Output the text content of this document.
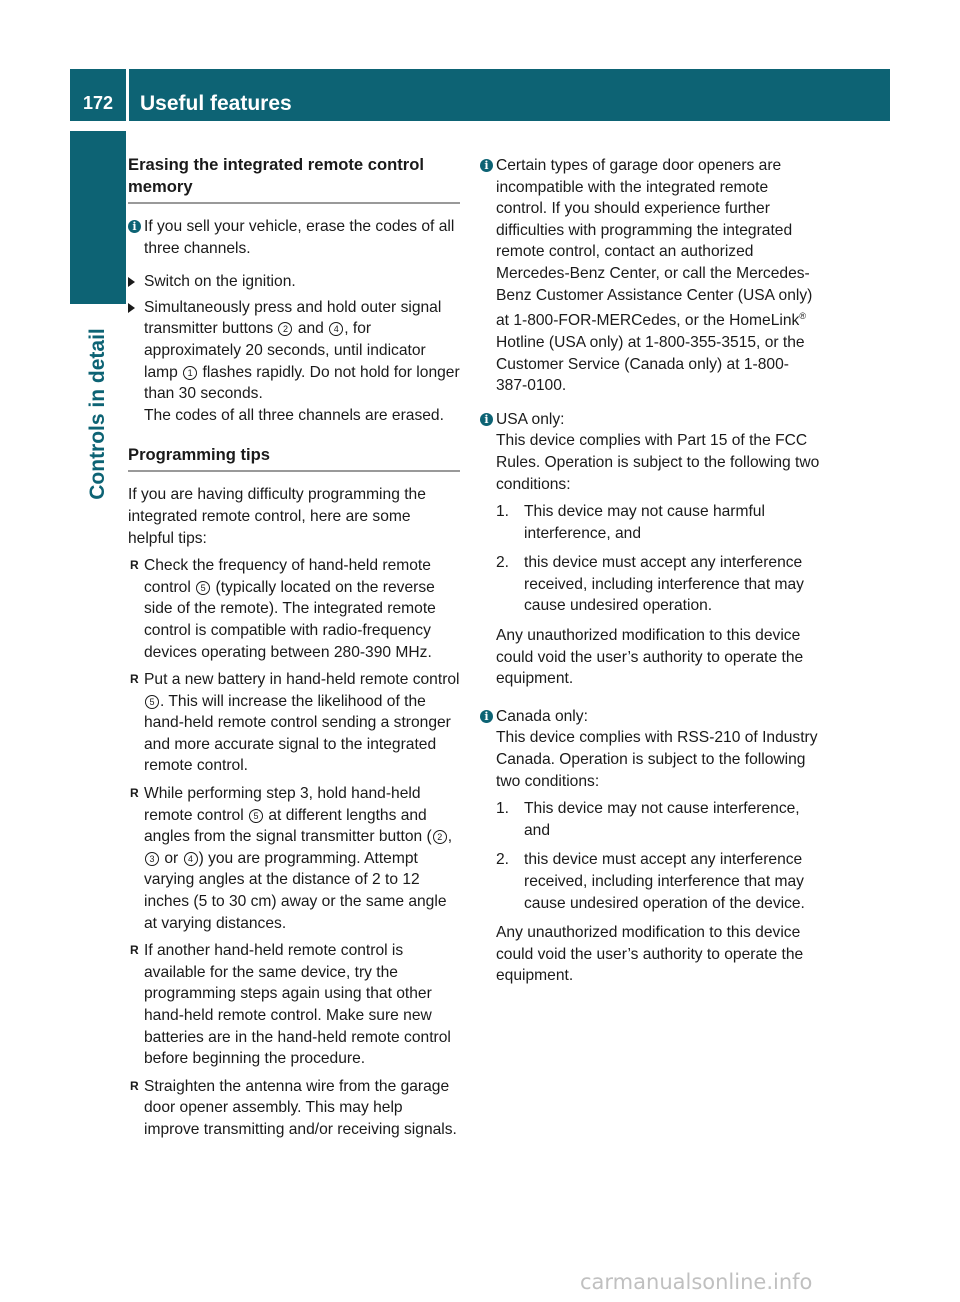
172	Useful features
Controls in detail
Erasing the integrated remote control memory
i If you sell your vehicle, erase the codes of all three channels.
Switch on the ignition.
Simultaneously press and hold outer signal transmitter buttons 2 and 4 , for approximately 20 seconds, until indicator lamp 1 flashes rapidly. Do not hold for longer than 30 seconds.
The codes of all three channels are erased.
Programming tips
If you are having difficulty programming the integrated remote control, here are some helpful tips:
R Check the frequency of hand-held remote control 5 (typically located on the reverse side of the remote). The integrated remote control is compatible with radio-frequency devices operating between 280-390 MHz.
R Put a new battery in hand-held remote control 5 . This will increase the likelihood of the hand-held remote control sending a stronger and more accurate signal to the integrated remote control.
R While performing step 3, hold hand-held remote control 5 at different lengths and angles from the signal transmitter button ( 2 , 3 or 4 ) you are programming. Attempt varying angles at the distance of 2 to 12 inches (5 to 30 cm) away or the same angle at varying distances.
R If another hand-held remote control is available for the same device, try the programming steps again using that other hand-held remote control. Make sure new batteries are in the hand-held remote control before beginning the procedure.
R Straighten the antenna wire from the garage door opener assembly. This may help improve transmitting and/or receiving signals.
i Certain types of garage door openers are incompatible with the integrated remote control. If you should experience further difficulties with programming the integrated remote control, contact an authorized Mercedes-Benz Center, or call the Mercedes-Benz Customer Assistance Center (USA only) at 1-800-FOR-MERCedes, or the HomeLink® Hotline (USA only) at 1-800-355-3515, or the Customer Service (Canada only) at 1-800-387-0100.
i USA only:
This device complies with Part 15 of the FCC Rules. Operation is subject to the following two conditions:
1. This device may not cause harmful interference, and
2. this device must accept any interference received, including interference that may cause undesired operation.
Any unauthorized modification to this device could void the user’s authority to operate the equipment.
i Canada only:
This device complies with RSS-210 of Industry Canada. Operation is subject to the following two conditions:
1. This device may not cause interference, and
2. this device must accept any interference received, including interference that may cause undesired operation of the device.
Any unauthorized modification to this device could void the user’s authority to operate the equipment.
carmanualsonline.info
